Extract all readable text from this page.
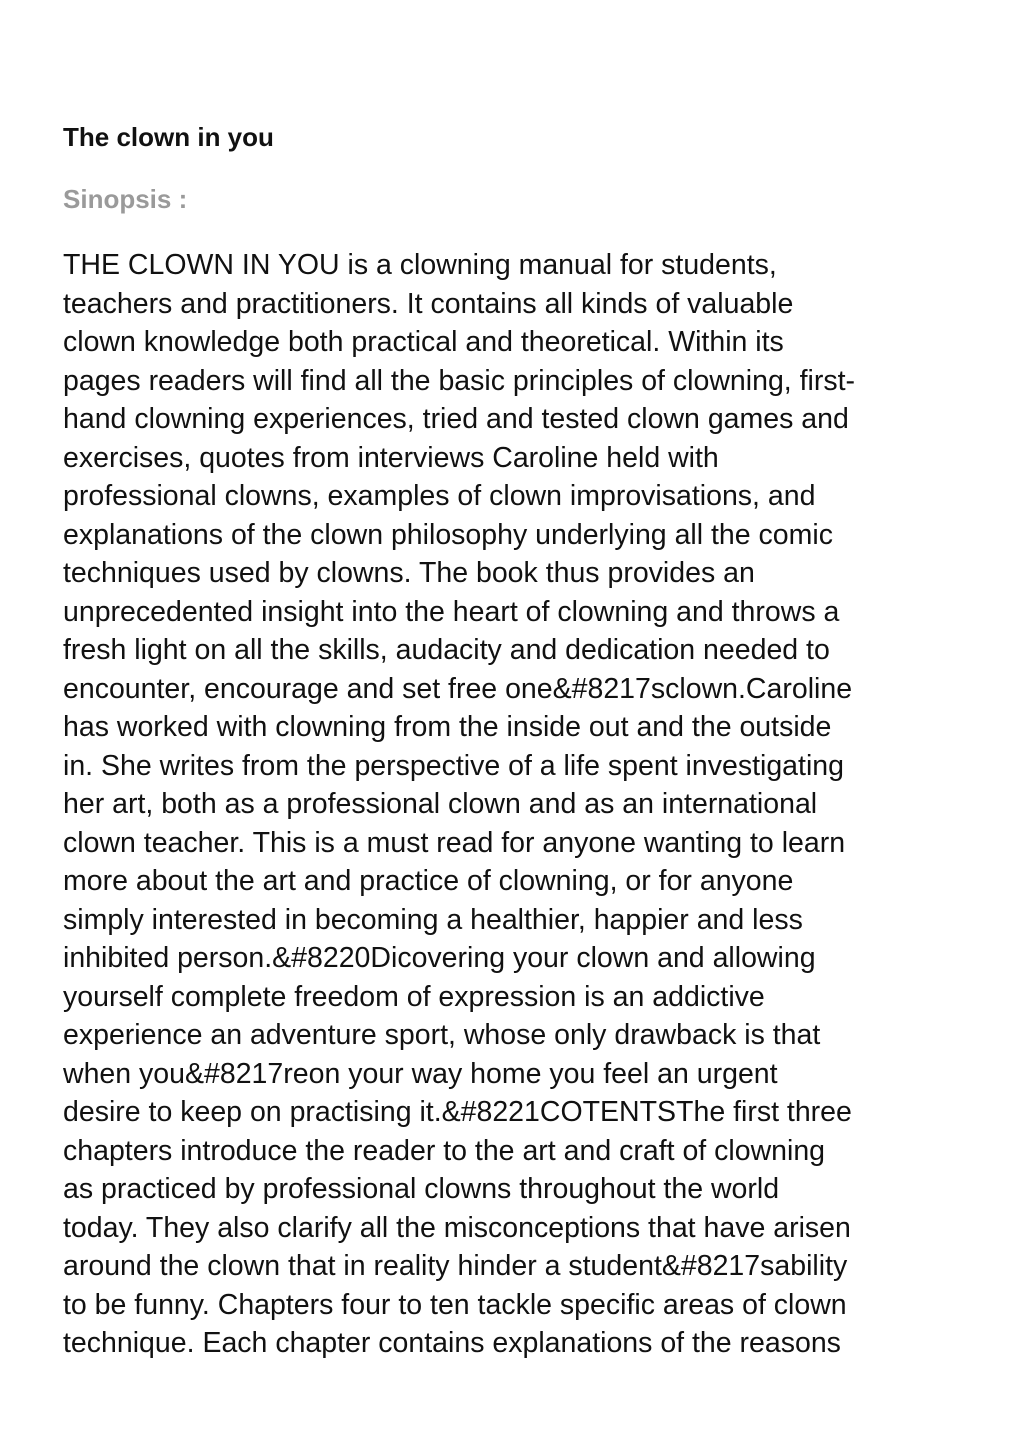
The clown in you
Sinopsis :
THE CLOWN IN YOU is a clowning manual for students,
teachers and practitioners. It contains all kinds of valuable
clown knowledge both practical and theoretical. Within its
pages readers will find all the basic principles of clowning, first-
hand clowning experiences, tried and tested clown games and
exercises, quotes from interviews Caroline held with
professional clowns, examples of clown improvisations, and
explanations of the clown philosophy underlying all the comic
techniques used by clowns. The book thus provides an
unprecedented insight into the heart of clowning and throws a
fresh light on all the skills, audacity and dedication needed to
encounter, encourage and set free one&#8217sclown.Caroline
has worked with clowning from the inside out and the outside
in. She writes from the perspective of a life spent investigating
her art, both as a professional clown and as an international
clown teacher. This is a must read for anyone wanting to learn
more about the art and practice of clowning, or for anyone
simply interested in becoming a healthier, happier and less
inhibited person.&#8220Dicovering your clown and allowing
yourself complete freedom of expression is an addictive
experience an adventure sport, whose only drawback is that
when you&#8217reon your way home you feel an urgent
desire to keep on practising it.&#8221COTENTSThe first three
chapters introduce the reader to the art and craft of clowning
as practiced by professional clowns throughout the world
today. They also clarify all the misconceptions that have arisen
around the clown that in reality hinder a student&#8217sability
to be funny. Chapters four to ten tackle specific areas of clown
technique. Each chapter contains explanations of the reasons
